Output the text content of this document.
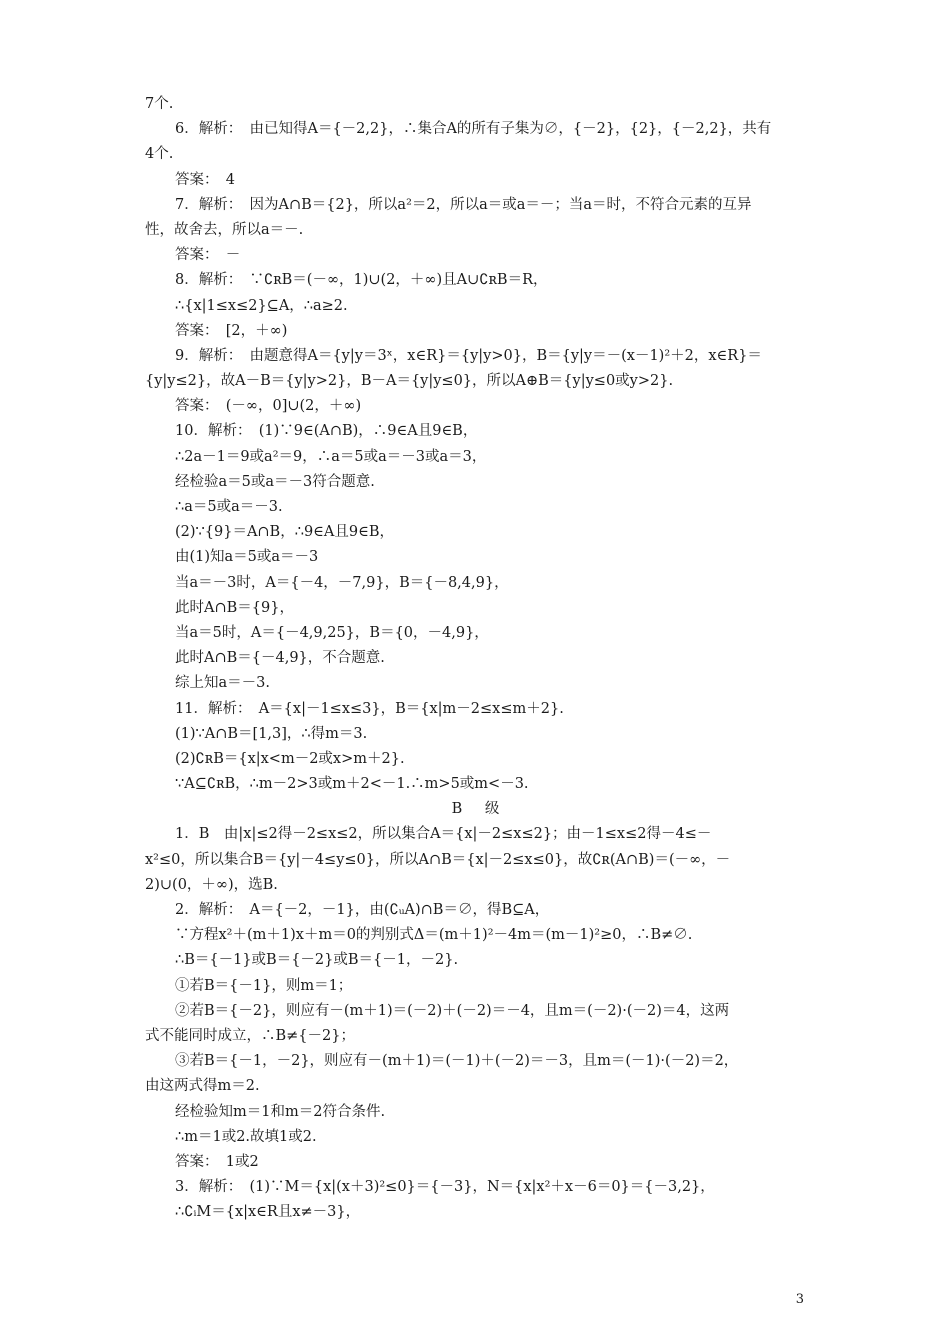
7个.
6．解析：　由已知得A＝{－2,2}，∴集合A的所有子集为∅，{－2}，{2}，{－2,2}，共有
4个.
答案：　4
7．解析：　因为A∩B＝{2}，所以a²＝2，所以a＝或a＝－；当a＝时，不符合元素的互异
性，故舍去，所以a＝－.
答案：　－
8．解析：　∵∁ʀB＝(－∞，1)∪(2，＋∞)且A∪∁ʀB＝R，
∴{x|1≤x≤2}⊆A，∴a≥2.
答案：　[2，＋∞)
9．解析：　由题意得A＝{y|y＝3ˣ，x∈R}＝{y|y>0}，B＝{y|y＝－(x－1)²＋2，x∈R}＝
{y|y≤2}，故A－B＝{y|y>2}，B－A＝{y|y≤0}，所以A⊕B＝{y|y≤0或y>2}.
答案：　(－∞，0]∪(2，＋∞)
10．解析：　(1)∵9∈(A∩B)，∴9∈A且9∈B，
∴2a－1＝9或a²＝9，∴a＝5或a＝－3或a＝3，
经检验a＝5或a＝－3符合题意.
∴a＝5或a＝－3.
(2)∵{9}＝A∩B，∴9∈A且9∈B，
由(1)知a＝5或a＝－3
当a＝－3时，A＝{－4，－7,9}，B＝{－8,4,9}，
此时A∩B＝{9}，
当a＝5时，A＝{－4,9,25}，B＝{0，－4,9}，
此时A∩B＝{－4,9}，不合题意.
综上知a＝－3.
11．解析：　A＝{x|－1≤x≤3}，B＝{x|m－2≤x≤m＋2}.
(1)∵A∩B＝[1,3]，∴得m＝3.
(2)∁ʀB＝{x|x<m－2或x>m＋2}.
∵A⊆∁ʀB，∴m－2>3或m＋2<－1.∴m>5或m<－3.
B　级
1．B　由|x|≤2得－2≤x≤2，所以集合A＝{x|－2≤x≤2}；由－1≤x≤2得－4≤－
x²≤0，所以集合B＝{y|－4≤y≤0}，所以A∩B＝{x|－2≤x≤0}，故∁ʀ(A∩B)＝(－∞，－
2)∪(0，＋∞)，选B.
2．解析：　A＝{－2，－1}，由(∁ᵤA)∩B＝∅，得B⊆A，
∵方程x²＋(m＋1)x＋m＝0的判别式Δ＝(m＋1)²－4m＝(m－1)²≥0，∴B≠∅.
∴B＝{－1}或B＝{－2}或B＝{－1，－2}.
①若B＝{－1}，则m＝1；
②若B＝{－2}，则应有－(m＋1)＝(－2)＋(－2)＝－4，且m＝(－2)·(－2)＝4，这两
式不能同时成立，∴B≠{－2}；
③若B＝{－1，－2}，则应有－(m＋1)＝(－1)＋(－2)＝－3，且m＝(－1)·(－2)＝2，
由这两式得m＝2.
经检验知m＝1和m＝2符合条件.
∴m＝1或2.故填1或2.
答案：　1或2
3．解析：　(1)∵M＝{x|(x＋3)²≤0}＝{－3}，N＝{x|x²＋x－6＝0}＝{－3,2}，
∴∁ᵢM＝{x|x∈R且x≠－3}，
3
